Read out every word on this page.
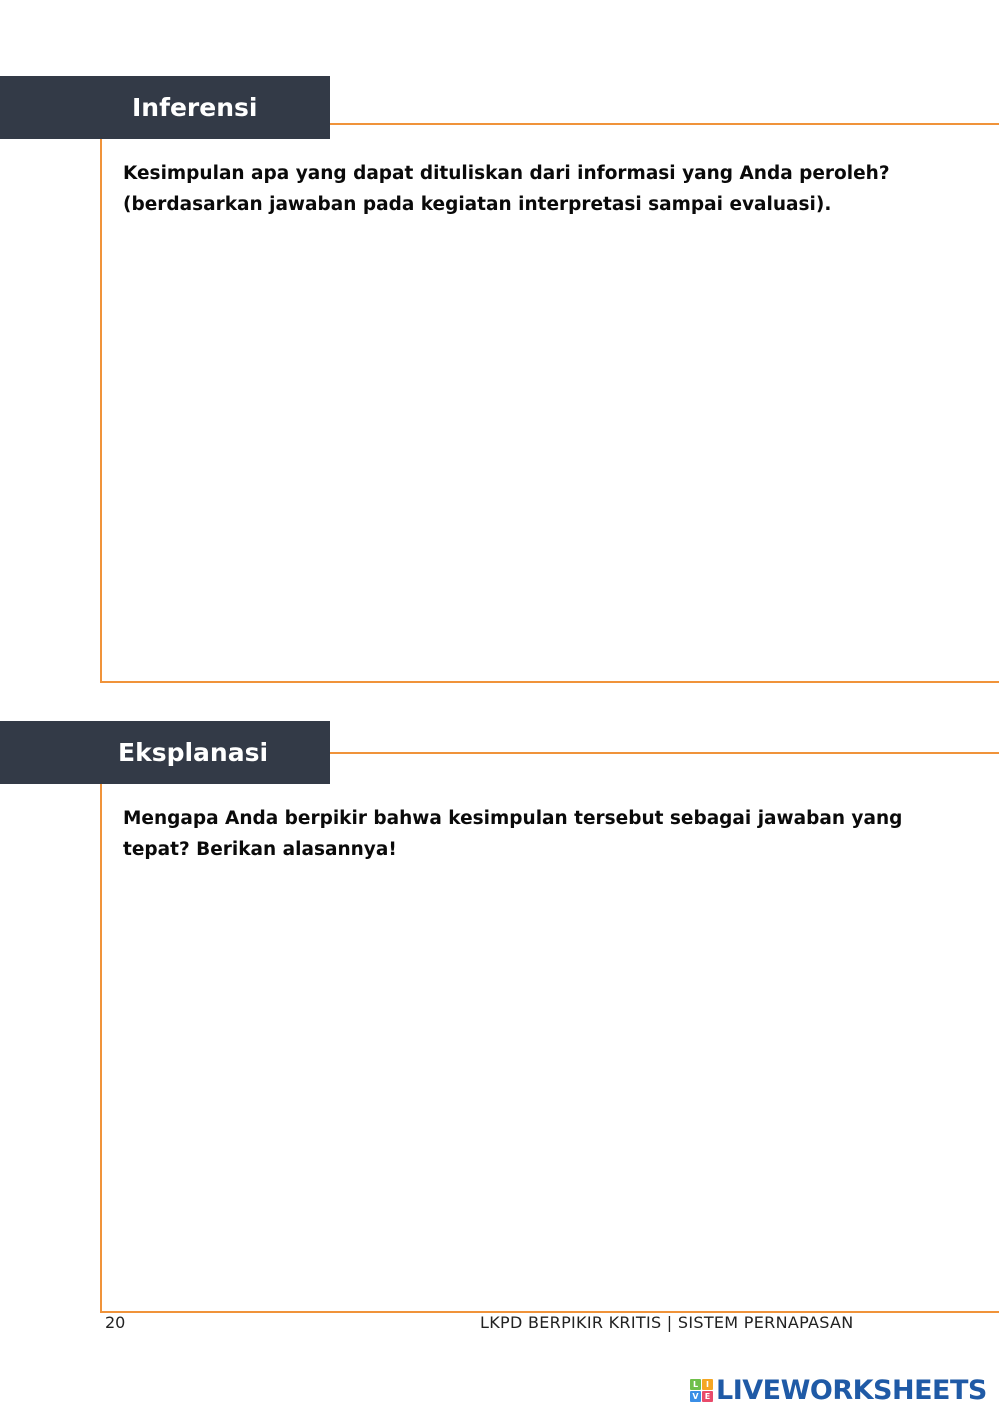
Inferensi

Kesimpulan apa yang dapat dituliskan dari informasi yang Anda peroleh? (berdasarkan jawaban pada kegiatan interpretasi sampai evaluasi).

Eksplanasi

Mengapa Anda berpikir bahwa kesimpulan tersebut sebagai jawaban yang tepat? Berikan alasannya!

20	LKPD BERPIKIR KRITIS | SISTEM PERNAPASAN
L I
V E LIVEWORKSHEETS
